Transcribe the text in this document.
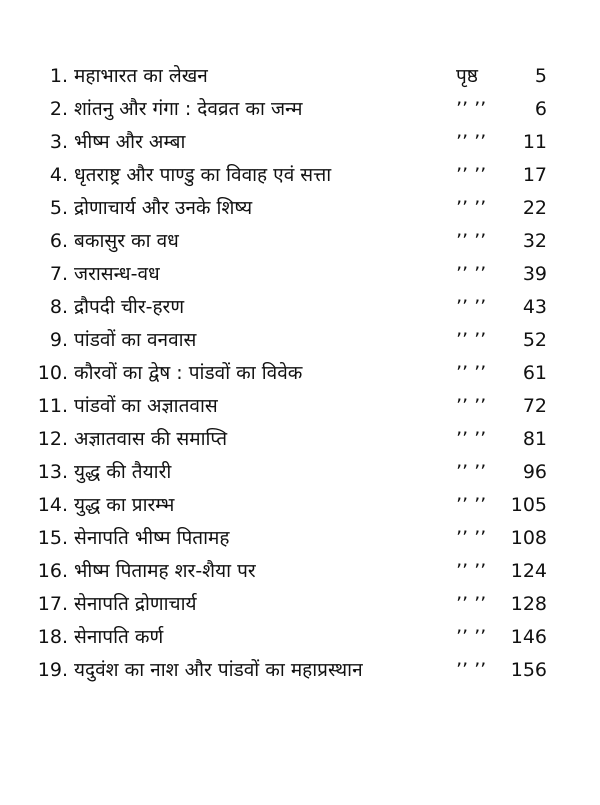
1. महाभारत का लेखन	पृष्ठ	5
2. शांतनु और गंगा : देवव्रत का जन्म	’’ ’’	6
3. भीष्म और अम्बा	’’ ’’	11
4. धृतराष्ट्र और पाण्डु का विवाह एवं सत्ता	’’ ’’	17
5. द्रोणाचार्य और उनके शिष्य	’’ ’’	22
6. बकासुर का वध	’’ ’’	32
7. जरासन्ध-वध	’’ ’’	39
8. द्रौपदी चीर-हरण	’’ ’’	43
9. पांडवों का वनवास	’’ ’’	52
10. कौरवों का द्वेष : पांडवों का विवेक	’’ ’’	61
11. पांडवों का अज्ञातवास	’’ ’’	72
12. अज्ञातवास की समाप्ति	’’ ’’	81
13. युद्ध की तैयारी	’’ ’’	96
14. युद्ध का प्रारम्भ	’’ ’’	105
15. सेनापति भीष्म पितामह	’’ ’’	108
16. भीष्म पितामह शर-शैया पर	’’ ’’	124
17. सेनापति द्रोणाचार्य	’’ ’’	128
18. सेनापति कर्ण	’’ ’’	146
19. यदुवंश का नाश और पांडवों का महाप्रस्थान	’’ ’’	156
